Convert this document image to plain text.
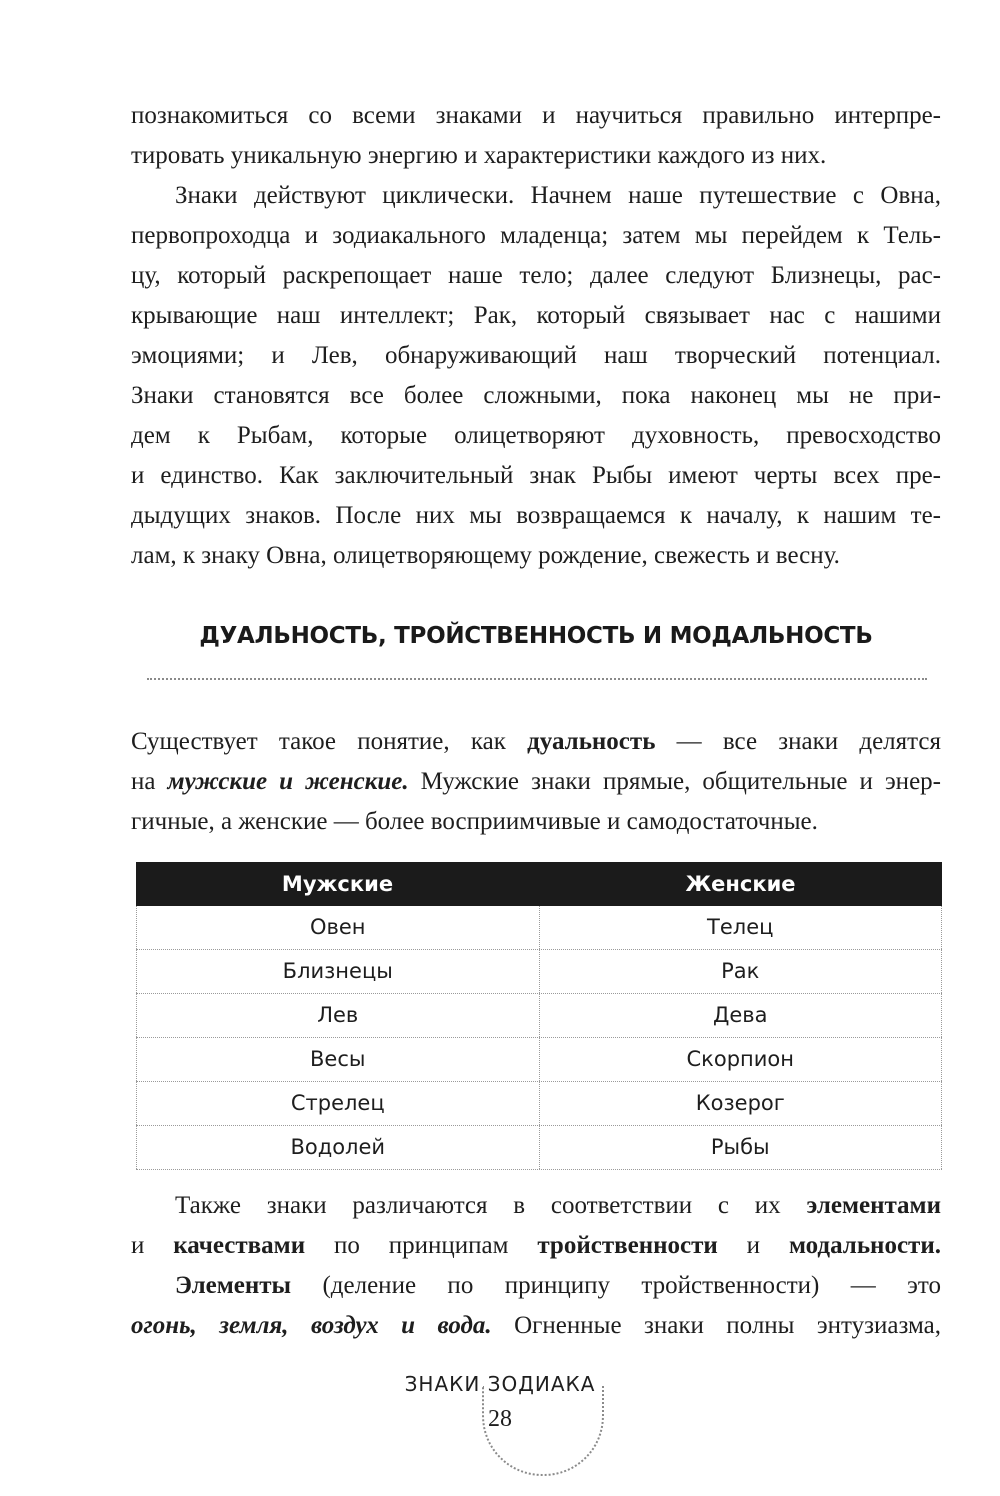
познакомиться со всеми знаками и научиться правильно интерпре-
тировать уникальную энергию и характеристики каждого из них.
Знаки действуют циклически. Начнем наше путешествие с Овна,
первопроходца и зодиакального младенца; затем мы перейдем к Тель-
цу, который раскрепощает наше тело; далее следуют Близнецы, рас-
крывающие наш интеллект; Рак, который связывает нас с нашими
эмоциями; и Лев, обнаруживающий наш творческий потенциал.
Знаки становятся все более сложными, пока наконец мы не при-
дем к Рыбам, которые олицетворяют духовность, превосходство
и единство. Как заключительный знак Рыбы имеют черты всех пре-
дыдущих знаков. После них мы возвращаемся к началу, к нашим те-
лам, к знаку Овна, олицетворяющему рождение, свежесть и весну.
ДУАЛЬНОСТЬ, ТРОЙСТВЕННОСТЬ И МОДАЛЬНОСТЬ
Существует такое понятие, как дуальность — все знаки делятся
на мужские и женские. Мужские знаки прямые, общительные и энер-
гичные, а женские — более восприимчивые и самодостаточные.
Мужские	Женские
Овен	Телец
Близнецы	Рак
Лев	Дева
Весы	Скорпион
Стрелец	Козерог
Водолей	Рыбы
Также знаки различаются в соответствии с их элементами
и качествами по принципам тройственности и модальности.
Элементы (деление по принципу тройственности) — это
огонь, земля, воздух и вода. Огненные знаки полны энтузиазма,
ЗНАКИ ЗОДИАКА
28
